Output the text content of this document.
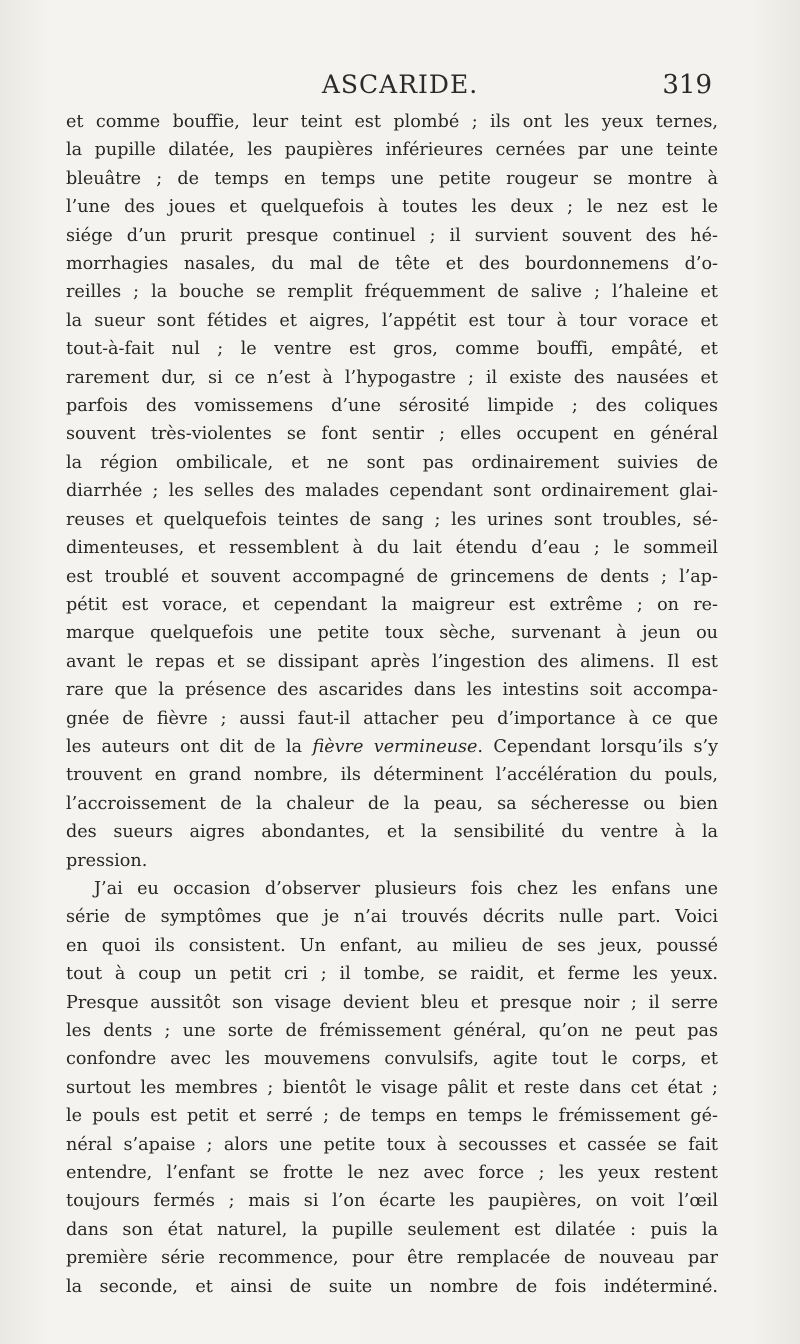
ASCARIDE.	319
et comme bouffie, leur teint est plombé ; ils ont les yeux ternes,
la pupille dilatée, les paupières inférieures cernées par une teinte
bleuâtre ; de temps en temps une petite rougeur se montre à
l’une des joues et quelquefois à toutes les deux ; le nez est le
siége d’un prurit presque continuel ; il survient souvent des hé-
morrhagies nasales, du mal de tête et des bourdonnemens d’o-
reilles ; la bouche se remplit fréquemment de salive ; l’haleine et
la sueur sont fétides et aigres, l’appétit est tour à tour vorace et
tout-à-fait nul ; le ventre est gros, comme bouffi, empâté, et
rarement dur, si ce n’est à l’hypogastre ; il existe des nausées et
parfois des vomissemens d’une sérosité limpide ; des coliques
souvent très-violentes se font sentir ; elles occupent en général
la région ombilicale, et ne sont pas ordinairement suivies de
diarrhée ; les selles des malades cependant sont ordinairement glai-
reuses et quelquefois teintes de sang ; les urines sont troubles, sé-
dimenteuses, et ressemblent à du lait étendu d’eau ; le sommeil
est troublé et souvent accompagné de grincemens de dents ; l’ap-
pétit est vorace, et cependant la maigreur est extrême ; on re-
marque quelquefois une petite toux sèche, survenant à jeun ou
avant le repas et se dissipant après l’ingestion des alimens. Il est
rare que la présence des ascarides dans les intestins soit accompa-
gnée de fièvre ; aussi faut-il attacher peu d’importance à ce que
les auteurs ont dit de la fièvre vermineuse. Cependant lorsqu’ils s’y
trouvent en grand nombre, ils déterminent l’accélération du pouls,
l’accroissement de la chaleur de la peau, sa sécheresse ou bien
des sueurs aigres abondantes, et la sensibilité du ventre à la
pression.
J’ai eu occasion d’observer plusieurs fois chez les enfans une
série de symptômes que je n’ai trouvés décrits nulle part. Voici
en quoi ils consistent. Un enfant, au milieu de ses jeux, poussé
tout à coup un petit cri ; il tombe, se raidit, et ferme les yeux.
Presque aussitôt son visage devient bleu et presque noir ; il serre
les dents ; une sorte de frémissement général, qu’on ne peut pas
confondre avec les mouvemens convulsifs, agite tout le corps, et
surtout les membres ; bientôt le visage pâlit et reste dans cet état ;
le pouls est petit et serré ; de temps en temps le frémissement gé-
néral s’apaise ; alors une petite toux à secousses et cassée se fait
entendre, l’enfant se frotte le nez avec force ; les yeux restent
toujours fermés ; mais si l’on écarte les paupières, on voit l’œil
dans son état naturel, la pupille seulement est dilatée : puis la
première série recommence, pour être remplacée de nouveau par
la seconde, et ainsi de suite un nombre de fois indéterminé.
